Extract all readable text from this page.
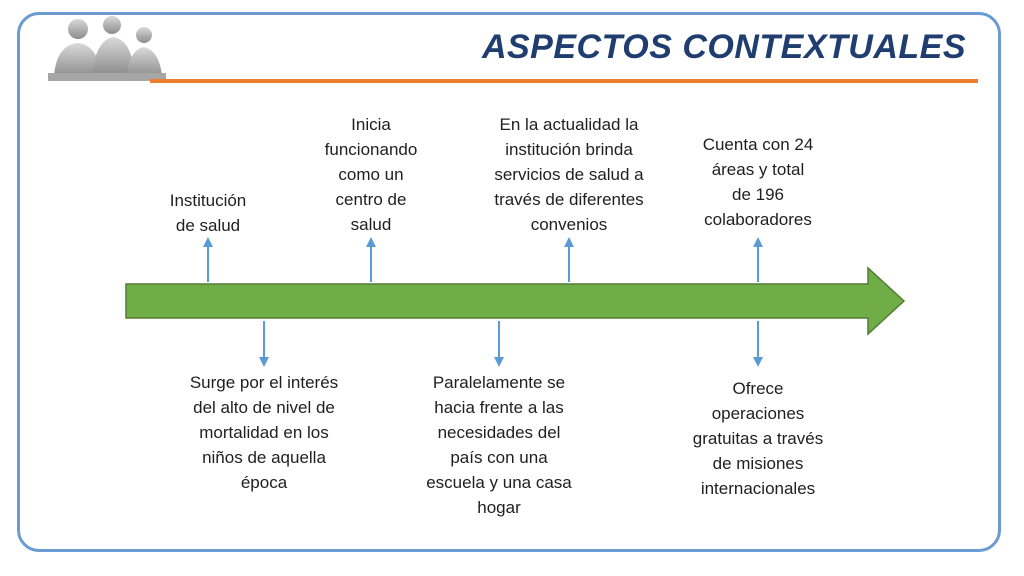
ASPECTOS CONTEXTUALES
Institución
de salud
Inicia
funcionando
como un
centro de
salud
En la actualidad la
institución brinda
servicios de salud a
través de diferentes
convenios
Cuenta con 24
áreas y total
de 196
colaboradores
Surge por el interés
del alto de nivel de
mortalidad en los
niños de aquella
época
Paralelamente se
hacia frente a las
necesidades del
país con una
escuela y una casa
hogar
Ofrece
operaciones
gratuitas a través
de misiones
internacionales
